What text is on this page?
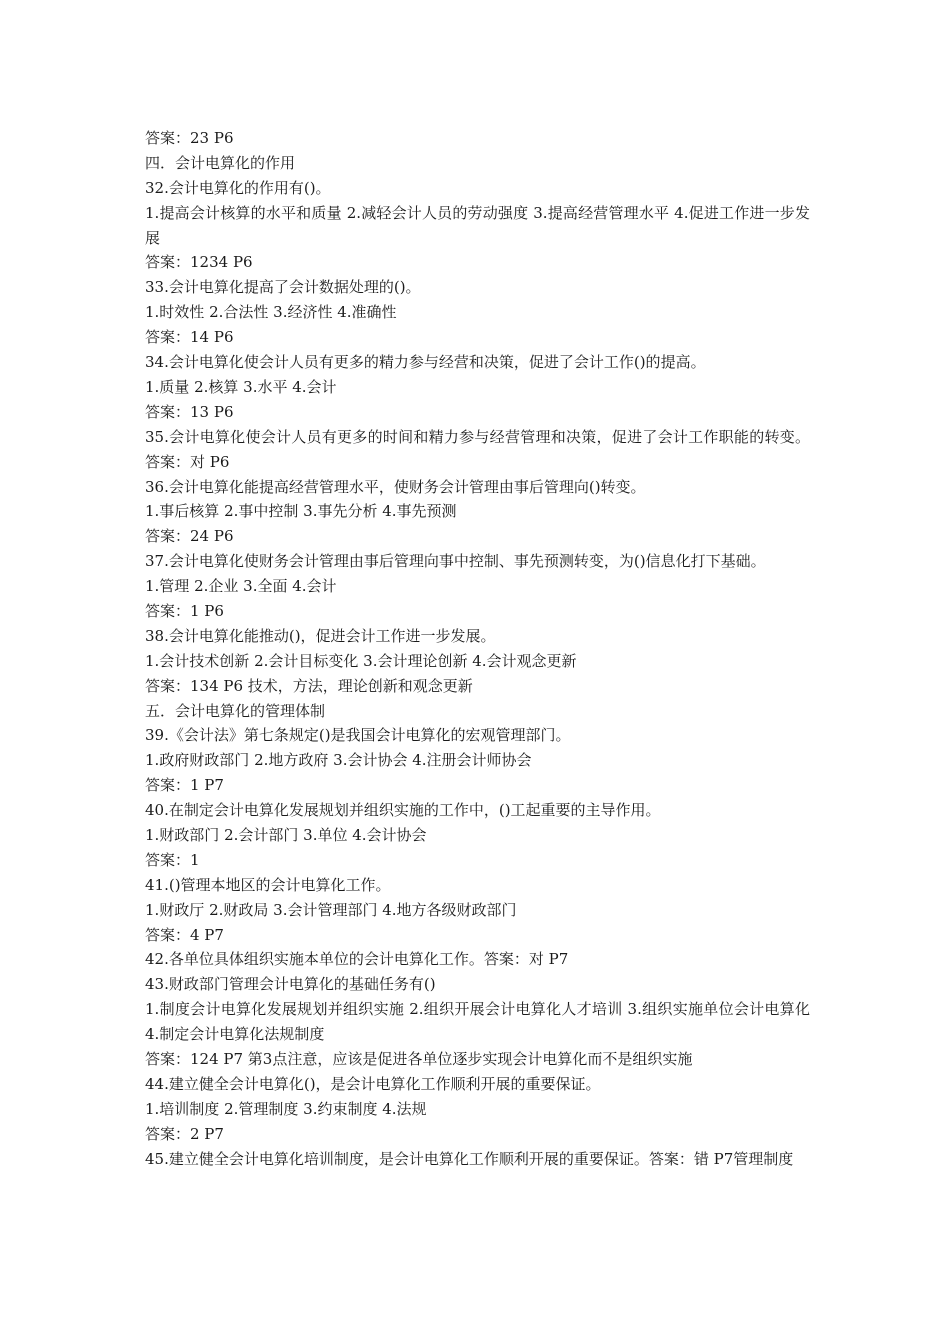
答案：23 P6
四．会计电算化的作用
32.会计电算化的作用有()。
1.提高会计核算的水平和质量 2.减轻会计人员的劳动强度 3.提高经营管理水平 4.促进工作进一步发展
答案：1234 P6
33.会计电算化提高了会计数据处理的()。
1.时效性 2.合法性 3.经济性 4.准确性
答案：14 P6
34.会计电算化使会计人员有更多的精力参与经营和决策，促进了会计工作()的提高。
1.质量 2.核算 3.水平 4.会计
答案：13 P6
35.会计电算化使会计人员有更多的时间和精力参与经营管理和决策，促进了会计工作职能的转变。答案：对 P6
36.会计电算化能提高经营管理水平，使财务会计管理由事后管理向()转变。
1.事后核算 2.事中控制 3.事先分析 4.事先预测
答案：24 P6
37.会计电算化使财务会计管理由事后管理向事中控制、事先预测转变，为()信息化打下基础。
1.管理 2.企业 3.全面 4.会计
答案：1 P6
38.会计电算化能推动()，促进会计工作进一步发展。
1.会计技术创新 2.会计目标变化 3.会计理论创新 4.会计观念更新
答案：134 P6 技术，方法，理论创新和观念更新
五．会计电算化的管理体制
39.《会计法》第七条规定()是我国会计电算化的宏观管理部门。
1.政府财政部门 2.地方政府 3.会计协会 4.注册会计师协会
答案：1 P7
40.在制定会计电算化发展规划并组织实施的工作中，()工起重要的主导作用。
1.财政部门 2.会计部门 3.单位 4.会计协会
答案：1
41.()管理本地区的会计电算化工作。
1.财政厅 2.财政局 3.会计管理部门 4.地方各级财政部门
答案：4 P7
42.各单位具体组织实施本单位的会计电算化工作。答案：对 P7
43.财政部门管理会计电算化的基础任务有()
1.制度会计电算化发展规划并组织实施 2.组织开展会计电算化人才培训 3.组织实施单位会计电算化 4.制定会计电算化法规制度
答案：124 P7 第3点注意，应该是促进各单位逐步实现会计电算化而不是组织实施
44.建立健全会计电算化()，是会计电算化工作顺利开展的重要保证。
1.培训制度 2.管理制度 3.约束制度 4.法规
答案：2 P7
45.建立健全会计电算化培训制度，是会计电算化工作顺利开展的重要保证。答案：错 P7管理制度
